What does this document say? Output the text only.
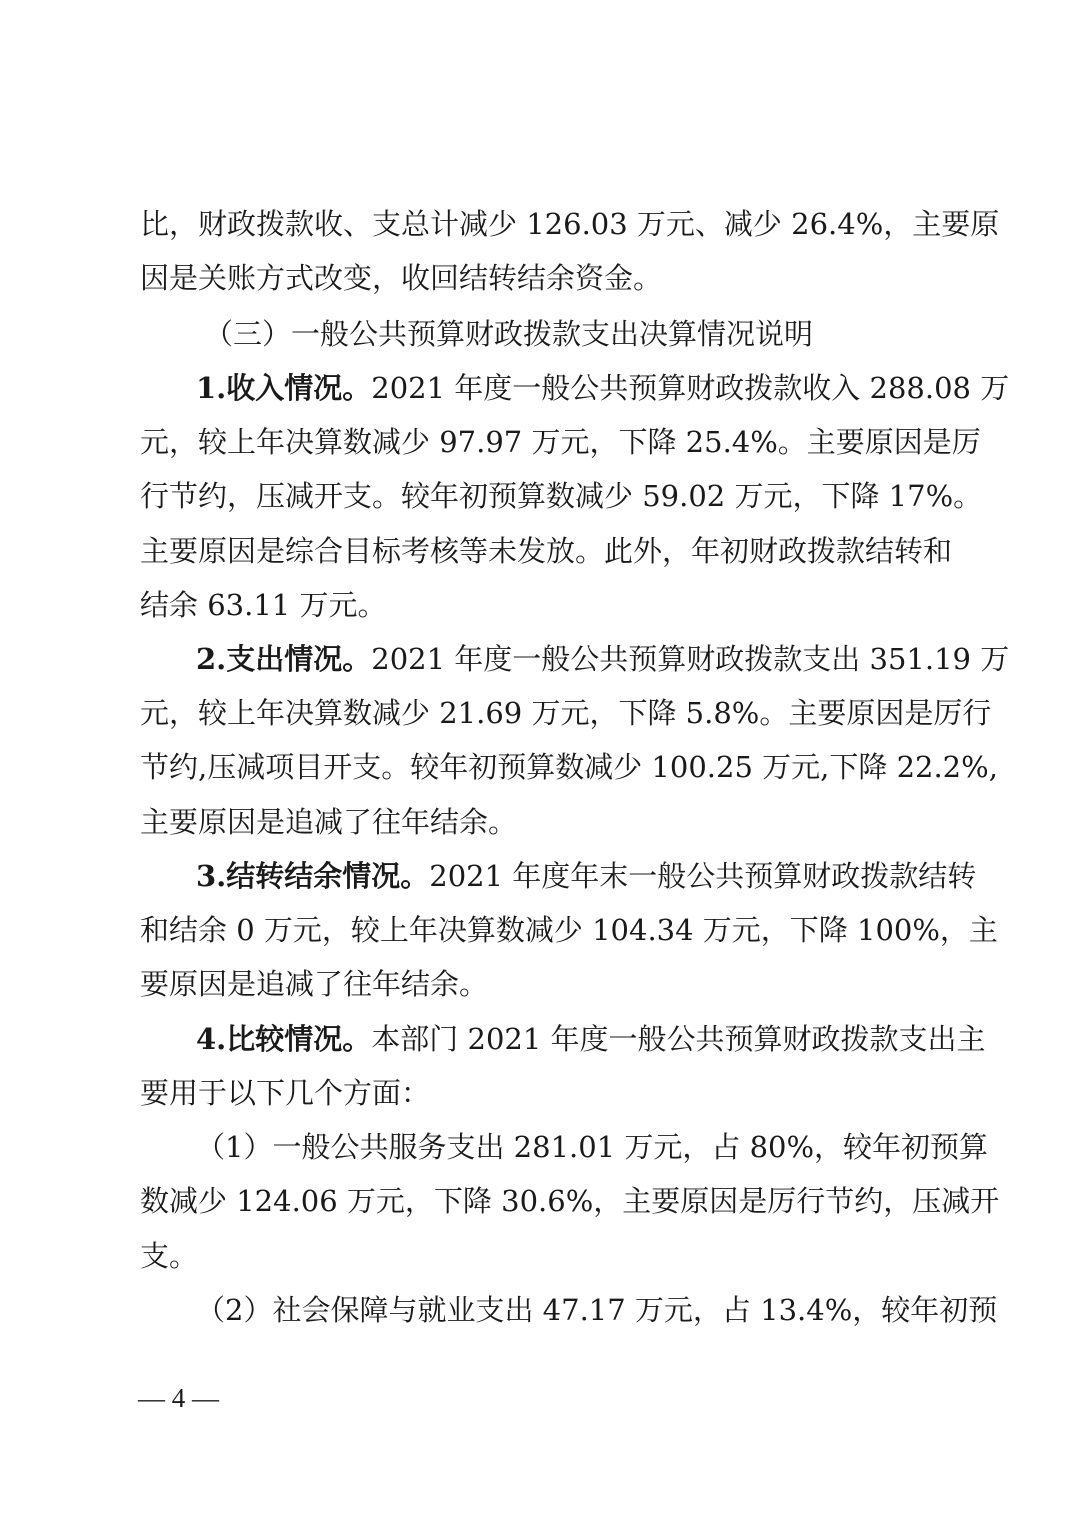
比，财政拨款收、支总计减少 126.03 万元、减少 26.4%，主要原
因是关账方式改变，收回结转结余资金。
（三）一般公共预算财政拨款支出决算情况说明
1.收入情况。2021 年度一般公共预算财政拨款收入 288.08 万
元，较上年决算数减少 97.97 万元，下降 25.4%。主要原因是厉
行节约，压减开支。较年初预算数减少 59.02 万元，下降 17%。
主要原因是综合目标考核等未发放。此外，年初财政拨款结转和
结余 63.11 万元。
2.支出情况。2021 年度一般公共预算财政拨款支出 351.19 万
元，较上年决算数减少 21.69 万元，下降 5.8%。主要原因是厉行
节约,压减项目开支。较年初预算数减少 100.25 万元,下降 22.2%,
主要原因是追减了往年结余。
3.结转结余情况。2021 年度年末一般公共预算财政拨款结转
和结余 0 万元，较上年决算数减少 104.34 万元，下降 100%，主
要原因是追减了往年结余。
4.比较情况。本部门 2021 年度一般公共预算财政拨款支出主
要用于以下几个方面：
（1）一般公共服务支出 281.01 万元，占 80%，较年初预算
数减少 124.06 万元，下降 30.6%，主要原因是厉行节约，压减开
支。
（2）社会保障与就业支出 47.17 万元，占 13.4%，较年初预
— 4 —
